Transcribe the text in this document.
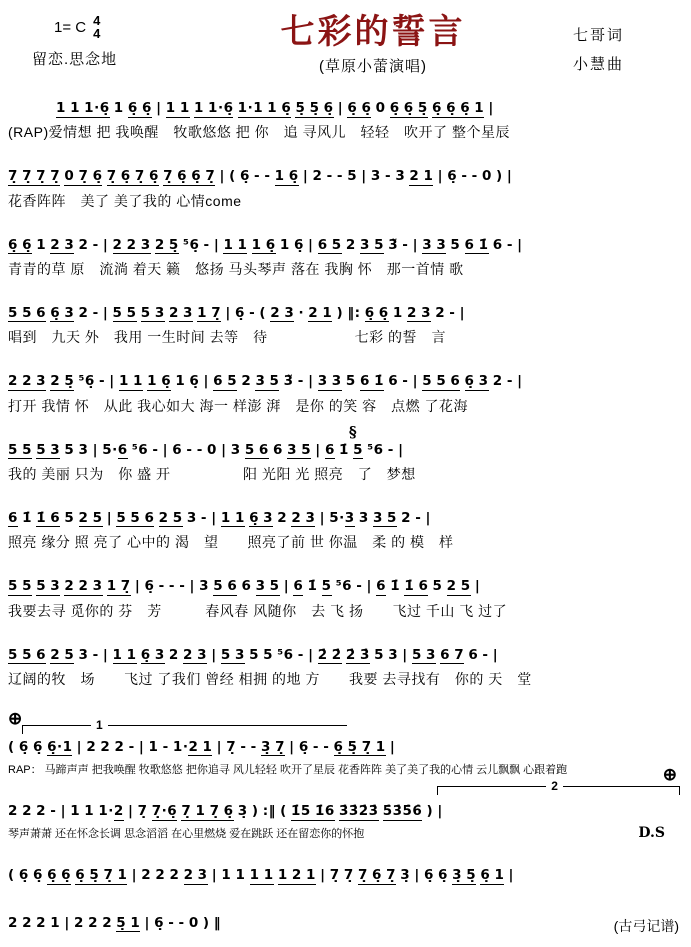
1= C 4
4
留恋.思念地
七彩的誓言
(草原小蕾演唱)
七哥词
小慧曲
1 1 1·6̣ 1 6̣ 6̣ | 1 1 1 1·6̣ 1·1 1 6̣ 5̣ 5̣ 6̣ | 6̣ 6̣ 0 6̣ 6̣ 5̣ 6̣ 6̣ 6̣ 1 |
(RAP)爱情想 把 我唤醒　牧歌悠悠 把 你　追 寻风儿　轻轻　吹开了 整个星辰
7̣ 7̣ 7̣ 7̣ 0 7̣ 6̣ 7̣ 6̣ 7̣ 6̣ 7̣ 6̣ 6̣ 7̣ | ( 6̣ - - 1 6̣ | 2 - - 5 | 3 - 3 2 1 | 6̣ - - 0 ) |
花香阵阵　美了 美了我的 心情come
6̣ 6̣ 1 2 3 2 - | 2 2 3 2 5̣ ⁵6̣ - | 1 1 1 6̣ 1 6̣ | 6 5 2 3 5 3̃ - | 3 3 5 6 1̇ 6 - |
青青的草 原　流淌 着天 籁　悠扬 马头琴声 落在 我胸 怀　那一首情 歌
5 5 6 6̣ 3 2 - | 5 5 5 3 2 3 1 7̣ | 6̣ - ( 2 3 · 2 1 ) ‖: 6̣ 6̣ 1 2 3 2 - |
唱到　九天 外　我用 一生时间 去等　待　　　　　　七彩 的誓　言
2 2 3 2 5̣ ⁵6̣ - | 1 1 1 6̣ 1 6̣ | 6 5 2 3 5 3̃ - | 3 3 5 6 1̇ 6 - | 5 5 6 6̣ 3 2 - |
打开 我情 怀　从此 我心如大 海一 样澎 湃　是你 的笑 容　点燃 了花海
§
5 5 5 3 5 3 | 5·6 ⁵6 - | 6 - - 0 | 3 5 6 6 3 5 | 6 1̇ 5 ⁵6 - |
我的 美丽 只为　你 盛 开　　　　　阳 光阳 光 照亮　了　梦想
6 1̇ 1̇ 6 5 2 5 | 5 5 6 2 5 3 - | 1 1 6̣ 3 2 2 3 | 5·3 3 3 5 2 - |
照亮 缘分 照 亮了 心中的 渴　望　　照亮了前 世 你温　柔 的 模　样
5 5 5 3 2 2 3 1 7̣ | 6̣ - - - | 3 5 6 6 3 5 | 6 1̇ 5 ⁵6 - | 6 1̇ 1̇ 6 5 2 5 |
我要去寻 觅你的 芬　芳　　　春风春 风随你　去 飞 扬　　飞过 千山 飞 过了
5 5 6 2 5 3 - | 1 1 6̣ 3 2 2 3 | 5 3 5 5 ⁵6 - | 2̇ 2̇ 2̇ 3̇ 5 3 | 5 3 6 7 6 - |
辽阔的牧　场　　飞过 了我们 曾经 相拥 的地 方　　我要 去寻找有　你的 天　堂
⊕	1
( 6̣ 6̣ 6̣·1 | 2 2 2 - | 1 - 1·2 1 | 7̣ - - 3̣ 7̣ | 6̣ - - 6̣ 5̣ 7̣ 1 |
RAP： 马蹄声声 把我唤醒 牧歌悠悠 把你追寻 风儿轻轻 吹开了星辰 花香阵阵 美了美了我的心情 云儿飘飘 心跟着跑	⊕
2
2 2 2 - | 1 1 1·2 | 7̣ 7̣·6̣ 7̣ 1 7̣ 6̣ 3̣ ) :‖ ( 1̇5 1̇6 3̇3̇2̇3̇ 5̇3̇5̇6̇ ) |
琴声萧萧 还在怀念长调 思念滔滔 在心里燃烧 爱在跳跃 还在留恋你的怀抱	D.S
( 6̣ 6̣ 6̣ 6̣ 6̣ 5̣ 7̣ 1 | 2 2 2 2 3 | 1 1 1 1 1 2 1 | 7̣ 7̣ 7̣ 6̣ 7̣ 3̣ | 6̣ 6̣ 3̣ 5̣ 6̣ 1 |
2 2 2 1 | 2 2 2 5̣ 1 | 6̣ - - 0 ) ‖	(古弓记谱)
